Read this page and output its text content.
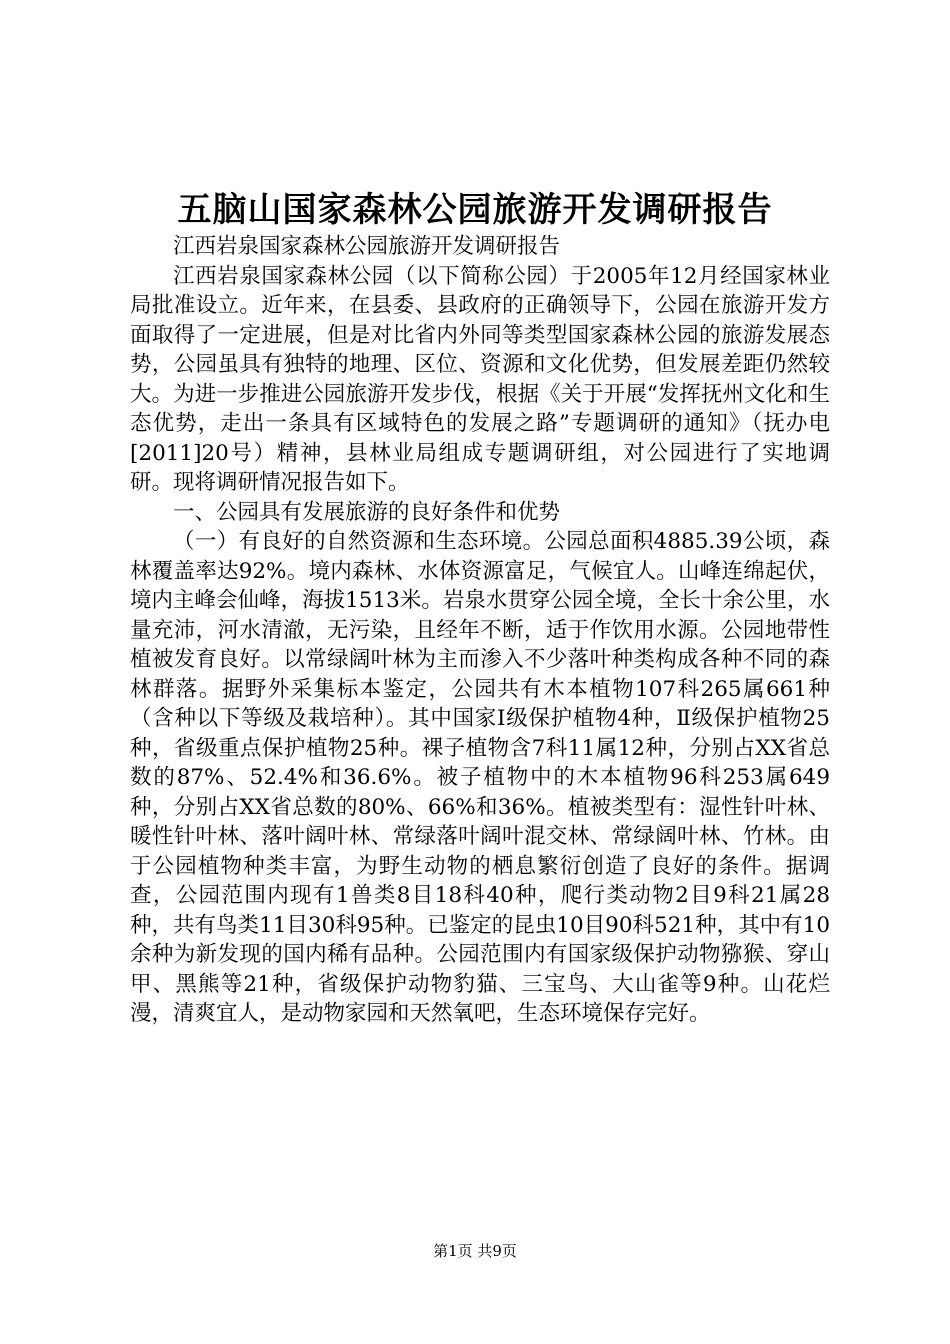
五脑山国家森林公园旅游开发调研报告

江西岩泉国家森林公园旅游开发调研报告

江西岩泉国家森林公园（以下简称公园）于2005年12月经国家林业局批准设立。近年来，在县委、县政府的正确领导下，公园在旅游开发方面取得了一定进展，但是对比省内外同等类型国家森林公园的旅游发展态势，公园虽具有独特的地理、区位、资源和文化优势，但发展差距仍然较大。为进一步推进公园旅游开发步伐，根据《关于开展“发挥抚州文化和生态优势，走出一条具有区域特色的发展之路”专题调研的通知》（抚办电[2011]20号）精神，县林业局组成专题调研组，对公园进行了实地调研。现将调研情况报告如下。

一、公园具有发展旅游的良好条件和优势

（一）有良好的自然资源和生态环境。公园总面积4885.39公顷，森林覆盖率达92%。境内森林、水体资源富足，气候宜人。山峰连绵起伏，境内主峰会仙峰，海拔1513米。岩泉水贯穿公园全境，全长十余公里，水量充沛，河水清澈，无污染，且经年不断，适于作饮用水源。公园地带性植被发育良好。以常绿阔叶林为主而渗入不少落叶种类构成各种不同的森林群落。据野外采集标本鉴定，公园共有木本植物107科265属661种（含种以下等级及栽培种）。其中国家Ⅰ级保护植物4种，Ⅱ级保护植物25种，省级重点保护植物25种。裸子植物含7科11属12种，分别占XX省总数的87%、52.4%和36.6%。被子植物中的木本植物96科253属649种，分别占XX省总数的80%、66%和36%。植被类型有：湿性针叶林、暖性针叶林、落叶阔叶林、常绿落叶阔叶混交林、常绿阔叶林、竹林。由于公园植物种类丰富，为野生动物的栖息繁衍创造了良好的条件。据调查，公园范围内现有1兽类8目18科40种，爬行类动物2目9科21属28种，共有鸟类11目30科95种。已鉴定的昆虫10目90科521种，其中有10余种为新发现的国内稀有品种。公园范围内有国家级保护动物猕猴、穿山甲、黑熊等21种，省级保护动物豹猫、三宝鸟、大山雀等9种。山花烂漫，清爽宜人，是动物家园和天然氧吧，生态环境保存完好。

第1页 共9页
